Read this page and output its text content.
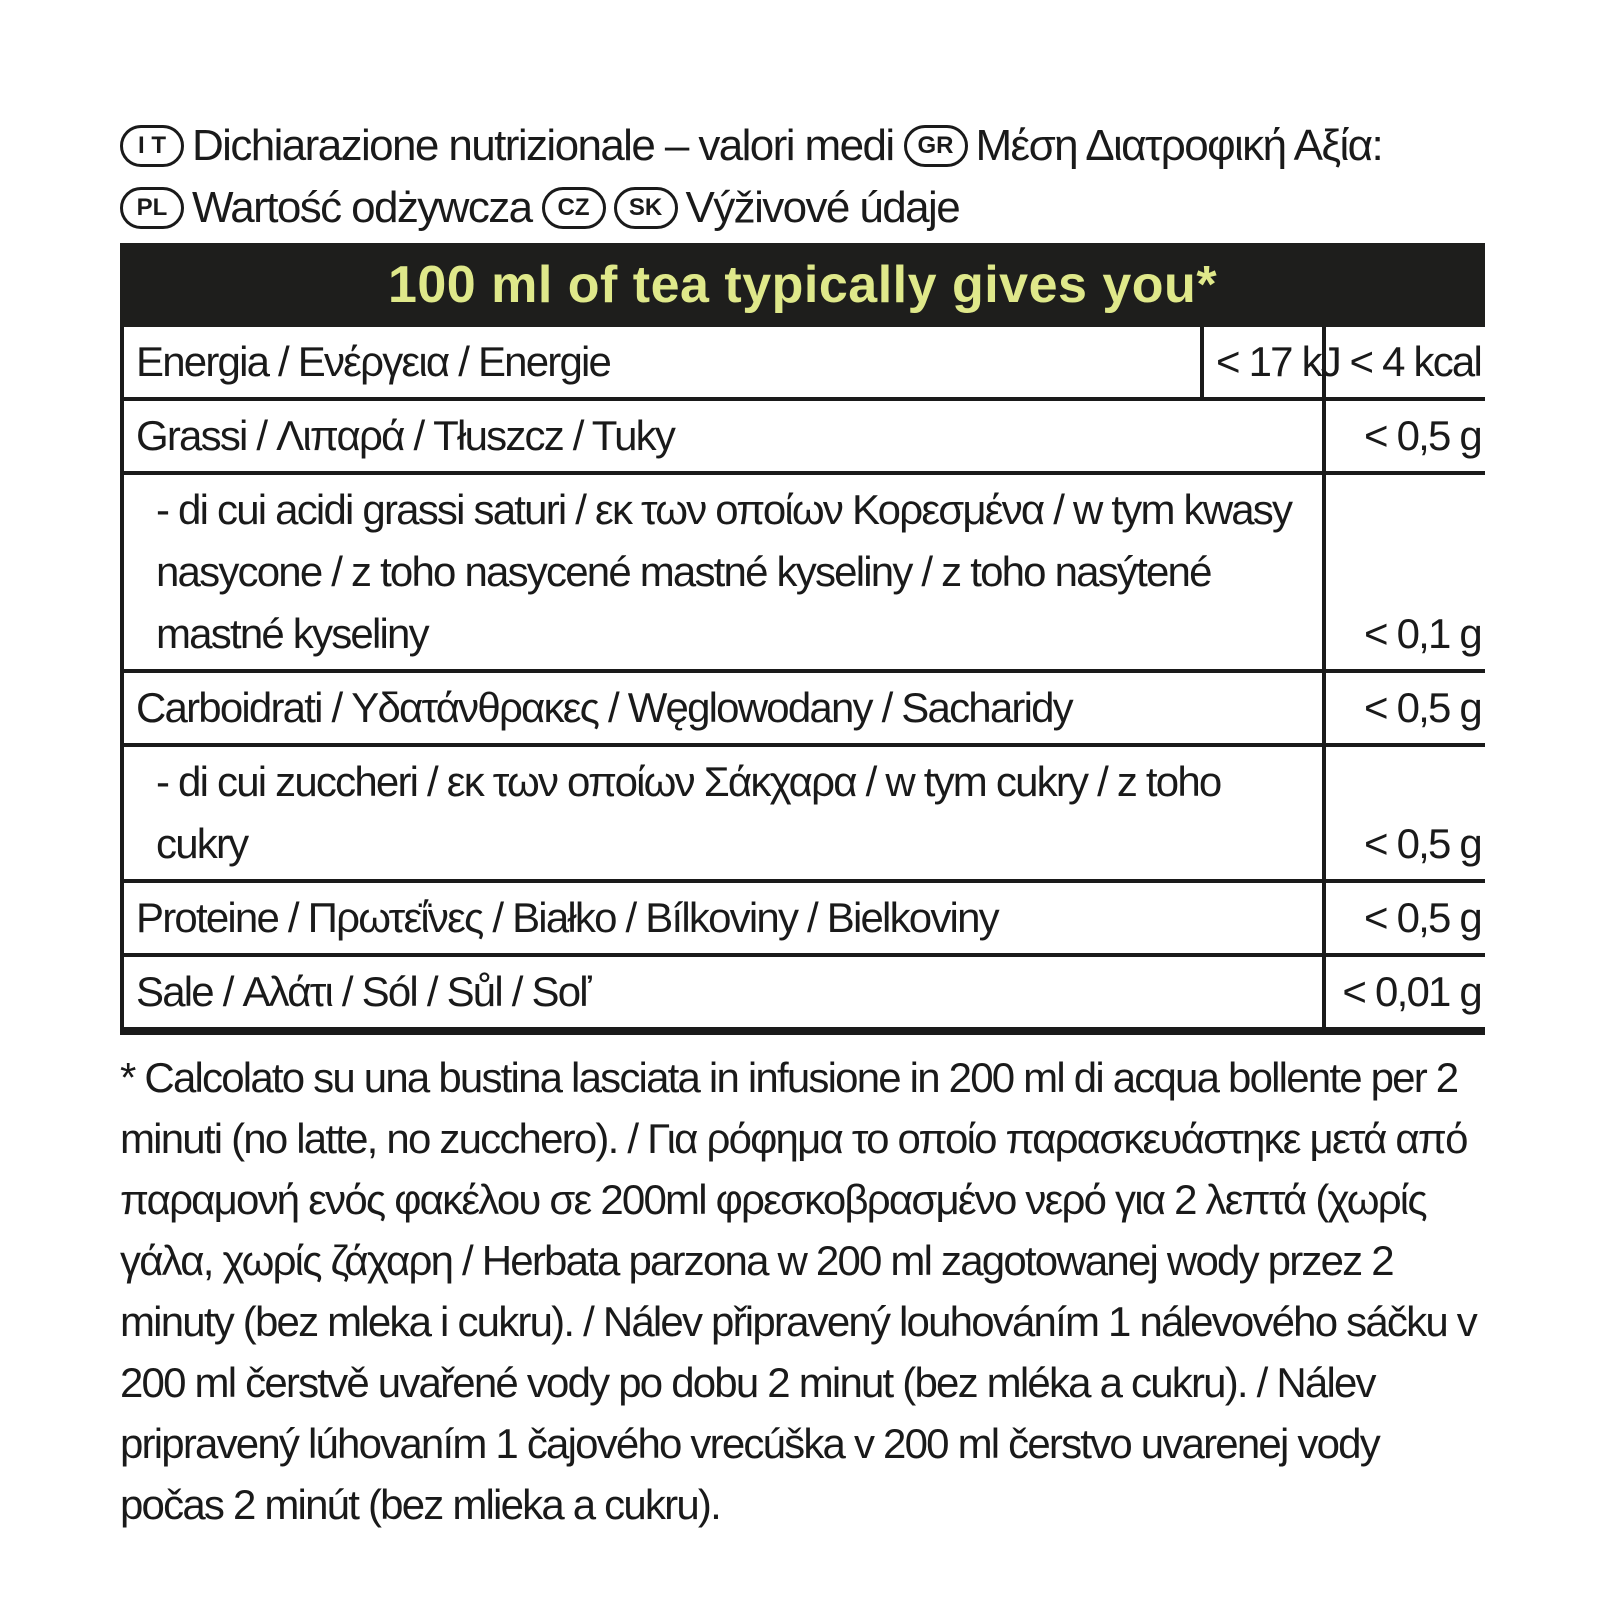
I T Dichiarazione nutrizionale – valori medi	GR Μέση Διατροφική Αξία:
PL Wartość odżywcza	CZ	SK Výživové údaje
100 ml of tea typically gives you*
Energia / Ενέργεια / Energie	< 17 kJ	< 4 kcal
Grassi / Λιπαρά / Tłuszcz / Tuky		< 0,5 g
- di cui acidi grassi saturi / εκ των οποίων Κορεσμένα / w tym kwasy nasycone / z toho nasycené mastné kyseliny / z toho nasýtené mastné kyseliny		< 0,1 g
Carboidrati / Υδατάνθρακες / Węglowodany / Sacharidy		< 0,5 g
- di cui zuccheri / εκ των οποίων Σάκχαρα / w tym cukry / z toho cukry		< 0,5 g
Proteine / Πρωτεΐνες / Białko / Bílkoviny / Bielkoviny		< 0,5 g
Sale / Αλάτι / Sól / Sůl / Soľ		< 0,01 g
* Calcolato su una bustina lasciata in infusione in 200 ml di acqua bollente per 2 minuti (no latte, no zucchero). / Για ρόφημα το οποίο παρασκευάστηκε μετά από παραμονή ενός φακέλου σε 200ml φρεσκοβρασμένο νερό για 2 λεπτά (χωρίς γάλα, χωρίς ζάχαρη / Herbata parzona w 200 ml zagotowanej wody przez 2 minuty (bez mleka i cukru). / Nálev připravený louhováním 1 nálevového sáčku v 200 ml čerstvě uvařené vody po dobu 2 minut (bez mléka a cukru). / Nálev pripravený lúhovaním 1 čajového vrecúška v 200 ml čerstvo uvarenej vody počas 2 minút (bez mlieka a cukru).
